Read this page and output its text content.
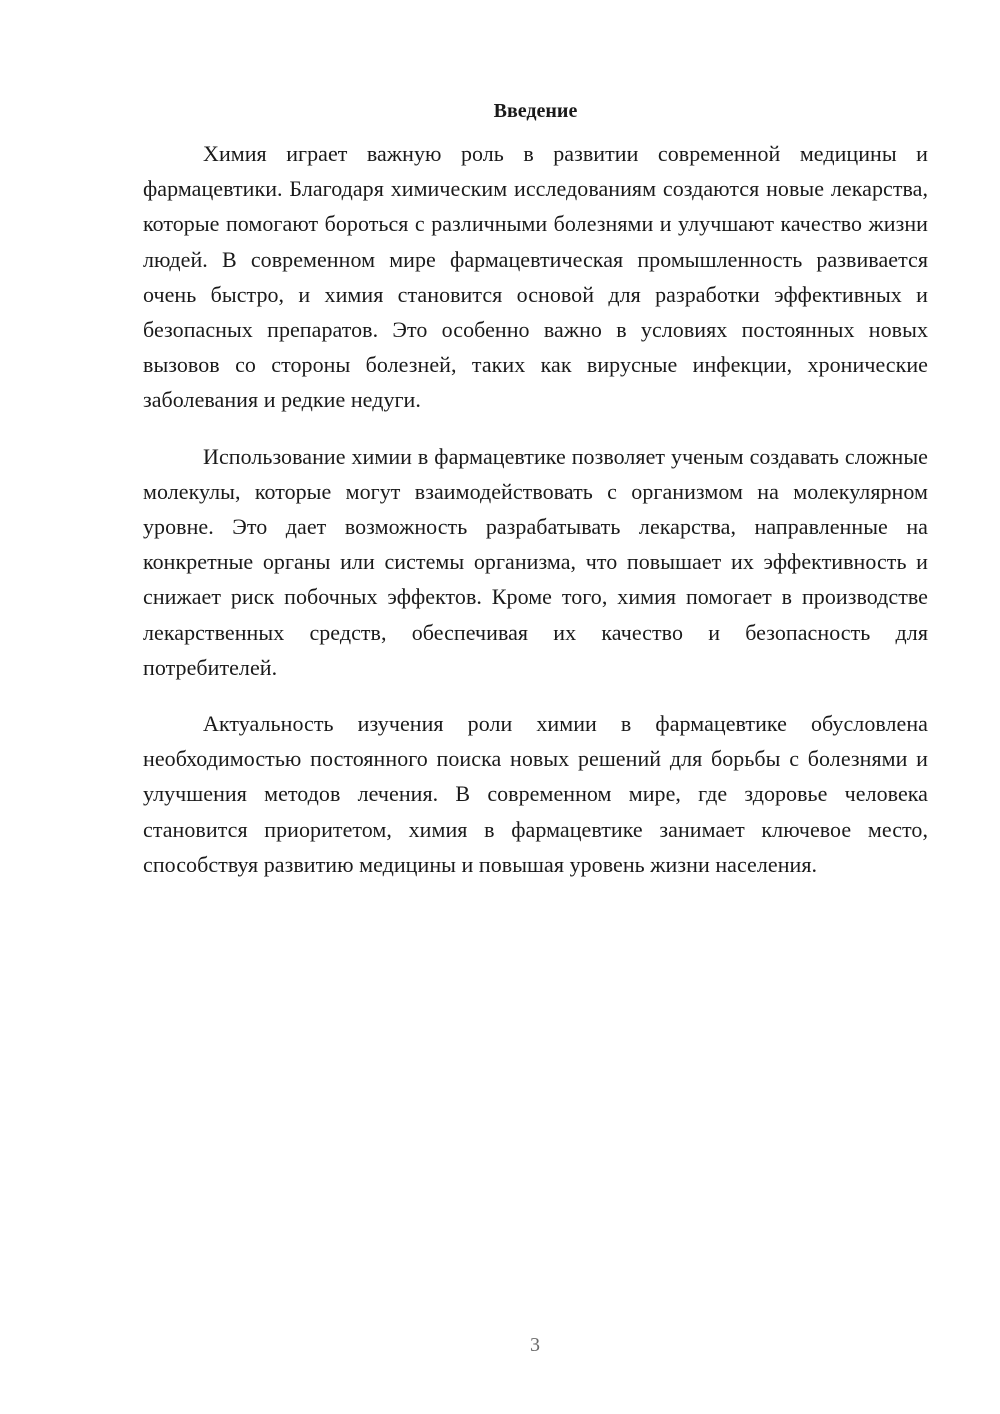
Введение

Химия играет важную роль в развитии современной медицины и фармацевтики. Благодаря химическим исследованиям создаются новые лекарства, которые помогают бороться с различными болезнями и улучшают качество жизни людей. В современном мире фармацевтическая промышленность развивается очень быстро, и химия становится основой для разработки эффективных и безопасных препаратов. Это особенно важно в условиях постоянных новых вызовов со стороны болезней, таких как вирусные инфекции, хронические заболевания и редкие недуги.

Использование химии в фармацевтике позволяет ученым создавать сложные молекулы, которые могут взаимодействовать с организмом на молекулярном уровне. Это дает возможность разрабатывать лекарства, направленные на конкретные органы или системы организма, что повышает их эффективность и снижает риск побочных эффектов. Кроме того, химия помогает в производстве лекарственных средств, обеспечивая их качество и безопасность для потребителей.

Актуальность изучения роли химии в фармацевтике обусловлена необходимостью постоянного поиска новых решений для борьбы с болезнями и улучшения методов лечения. В современном мире, где здоровье человека становится приоритетом, химия в фармацевтике занимает ключевое место, способствуя развитию медицины и повышая уровень жизни населения.

3
